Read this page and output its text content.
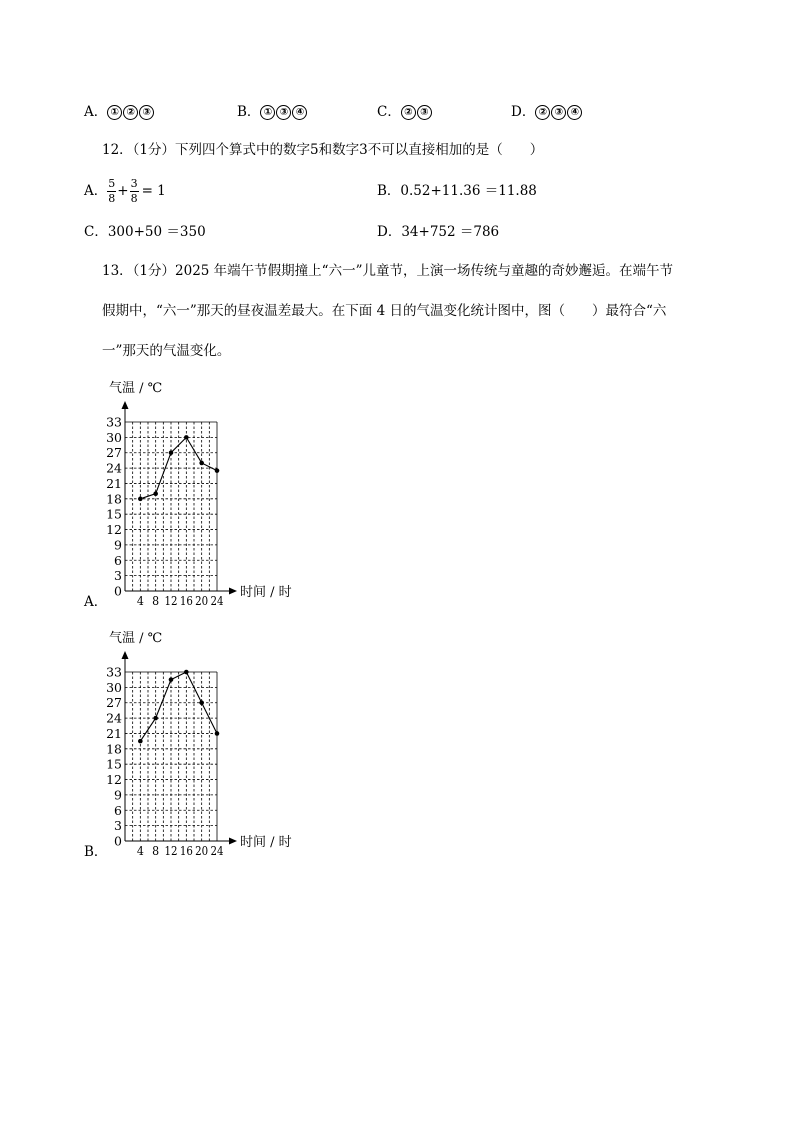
A． ① ② ③	B． ① ③ ④	C． ② ③	D． ② ③ ④
12．（1分）下列四个算式中的数字5和数字3不可以直接相加的是（　　）
A． $\frac{5}{8} + \frac{3}{8} = 1$	B．0.52+11.36 ＝11.88
C．300+50 ＝350	D．34+752 ＝786
13．（1分）2025 年端午节假期撞上“六一”儿童节，上演一场传统与童趣的奇妙邂逅。在端午节
假期中，“六一”那天的昼夜温差最大。在下面 4 日的气温变化统计图中，图（　　）最符合“六
一”那天的气温变化。
气温 / ℃
时间 / 时
0
3
6
9
12
15
18
21
24
27
30
33
4 8 12 16 20 24
A．
气温 / ℃
时间 / 时
0
3
6
9
12
15
18
21
24
27
30
33
4 8 12 16 20 24
B．
